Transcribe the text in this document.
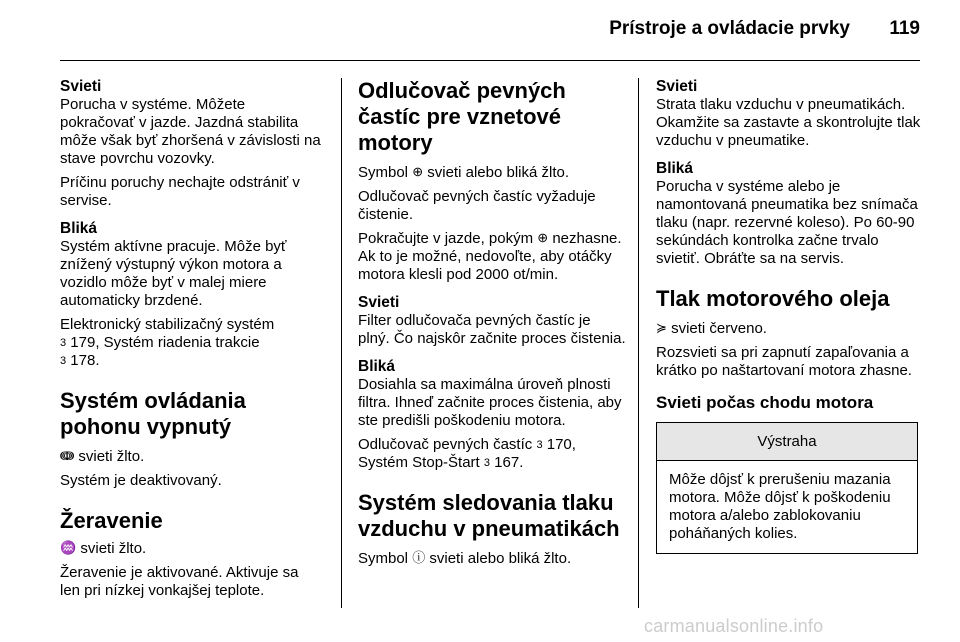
Prístroje a ovládacie prvky	119
Svieti
Porucha v systéme. Môžete pokračovať v jazde. Jazdná stabilita môže však byť zhoršená v závislosti na stave povrchu vozovky.
Príčinu poruchy nechajte odstrániť v servise.
Bliká
Systém aktívne pracuje. Môže byť znížený výstupný výkon motora a vozidlo môže byť v malej miere automaticky brzdené.
Elektronický stabilizačný systém
3 179, Systém riadenia trakcie
3 178.
Systém ovládania pohonu vypnutý
ↈ svieti žlto.
Systém je deaktivovaný.
Žeravenie
♒ svieti žlto.
Žeravenie je aktivované. Aktivuje sa len pri nízkej vonkajšej teplote.
Odlučovač pevných častíc pre vznetové motory
Symbol ⊕ svieti alebo bliká žlto.
Odlučovač pevných častíc vyžaduje čistenie.
Pokračujte v jazde, pokým ⊕ nezhasne. Ak to je možné, nedovoľte, aby otáčky motora klesli pod 2000 ot/min.
Svieti
Filter odlučovača pevných častíc je plný. Čo najskôr začnite proces čistenia.
Bliká
Dosiahla sa maximálna úroveň plnosti filtra. Ihneď začnite proces čistenia, aby ste predišli poškodeniu motora.
Odlučovač pevných častíc 3 170, Systém Stop-Štart 3 167.
Systém sledovania tlaku vzduchu v pneumatikách
Symbol ⓘ svieti alebo bliká žlto.
Svieti
Strata tlaku vzduchu v pneumatikách. Okamžite sa zastavte a skontrolujte tlak vzduchu v pneumatike.
Bliká
Porucha v systéme alebo je namontovaná pneumatika bez snímača tlaku (napr. rezervné koleso). Po 60-90 sekúndách kontrolka začne trvalo svietiť. Obráťte sa na servis.
Tlak motorového oleja
≽ svieti červeno.
Rozsvieti sa pri zapnutí zapaľovania a krátko po naštartovaní motora zhasne.
Svieti počas chodu motora
Výstraha
Môže dôjsť k prerušeniu mazania motora. Môže dôjsť k poškodeniu motora a/alebo zablokovaniu poháňaných kolies.
carmanualsonline.info
